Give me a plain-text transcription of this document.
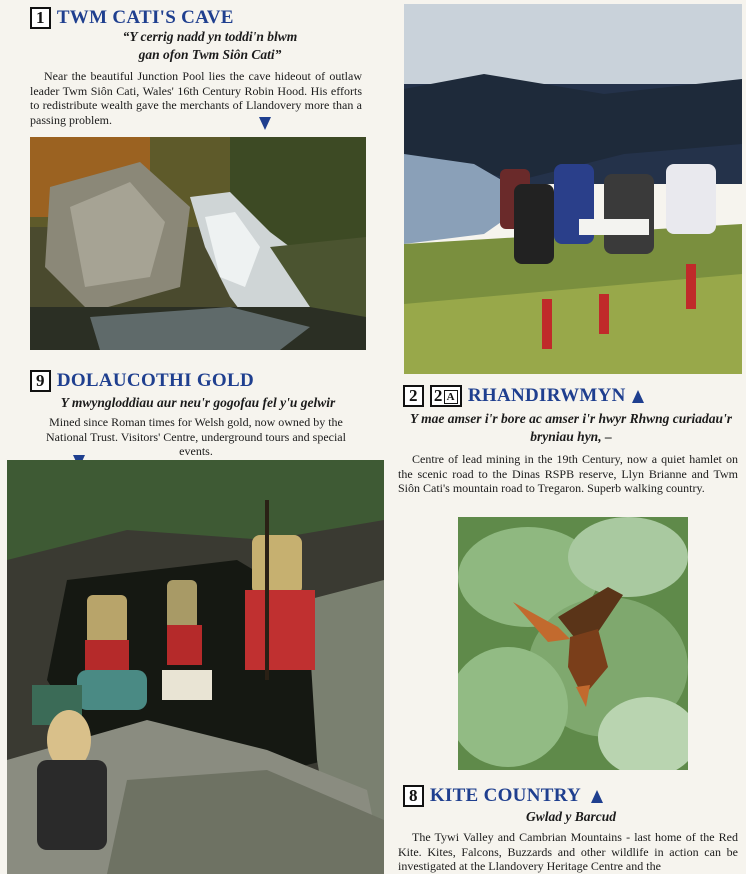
1 TWM CATI'S CAVE
“Y cerrig nadd yn toddi'n blwm
gan ofon Twm Siôn Cati”
Near the beautiful Junction Pool lies the cave hideout of outlaw leader Twm Siôn Cati, Wales' 16th Century Robin Hood. His efforts to redistribute wealth gave the merchants of Llandovery more than a passing problem.
9 DOLAUCOTHI GOLD
Y mwyngloddiau aur neu'r gogofau fel y'u gelwir
Mined since Roman times for Welsh gold, now owned by the National Trust. Visitors' Centre, underground tours and special events.
2 2 A RHANDIRWMYN
Y mae amser i'r bore ac amser i'r hwyr Rhwng curiadau'r bryniau hyn, –
Centre of lead mining in the 19th Century, now a quiet hamlet on the scenic road to the Dinas RSPB reserve, Llyn Brianne and Twm Siôn Cati's mountain road to Tregaron. Superb walking country.
8 KITE COUNTRY
Gwlad y Barcud
The Tywi Valley and Cambrian Mountains - last home of the Red Kite. Kites, Falcons, Buzzards and other wildlife in action can be investigated at the Llandovery Heritage Centre and the
